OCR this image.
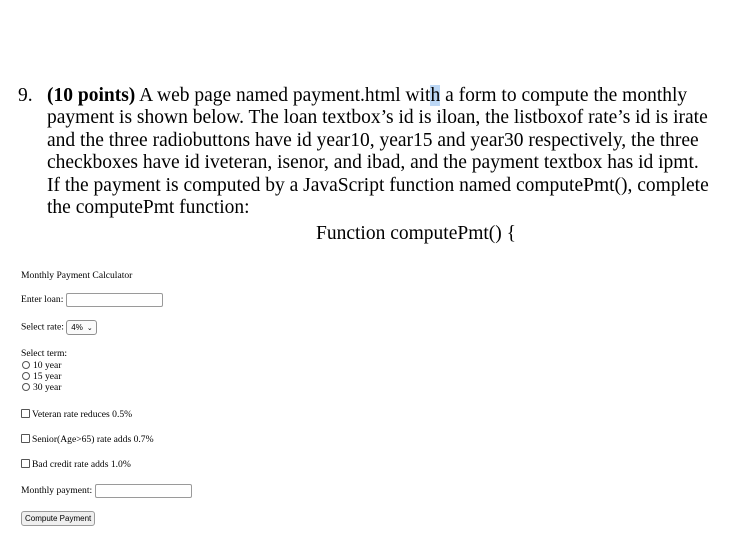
9. (10 points) A web page named payment.html with a form to compute the monthly
payment is shown below. The loan textbox’s id is iloan, the listboxof rate’s id is irate
and the three radiobuttons have id year10, year15 and year30 respectively, the three
checkboxes have id iveteran, isenor, and ibad, and the payment textbox has id ipmt.
If the payment is computed by a JavaScript function named computePmt(), complete
the computePmt function:
Function computePmt() {
Monthly Payment Calculator
Enter loan:
Select rate: 4% ⌄
Select term:
10 year
15 year
30 year
Veteran rate reduces 0.5%
Senior(Age>65) rate adds 0.7%
Bad credit rate adds 1.0%
Monthly payment:
Compute Payment
